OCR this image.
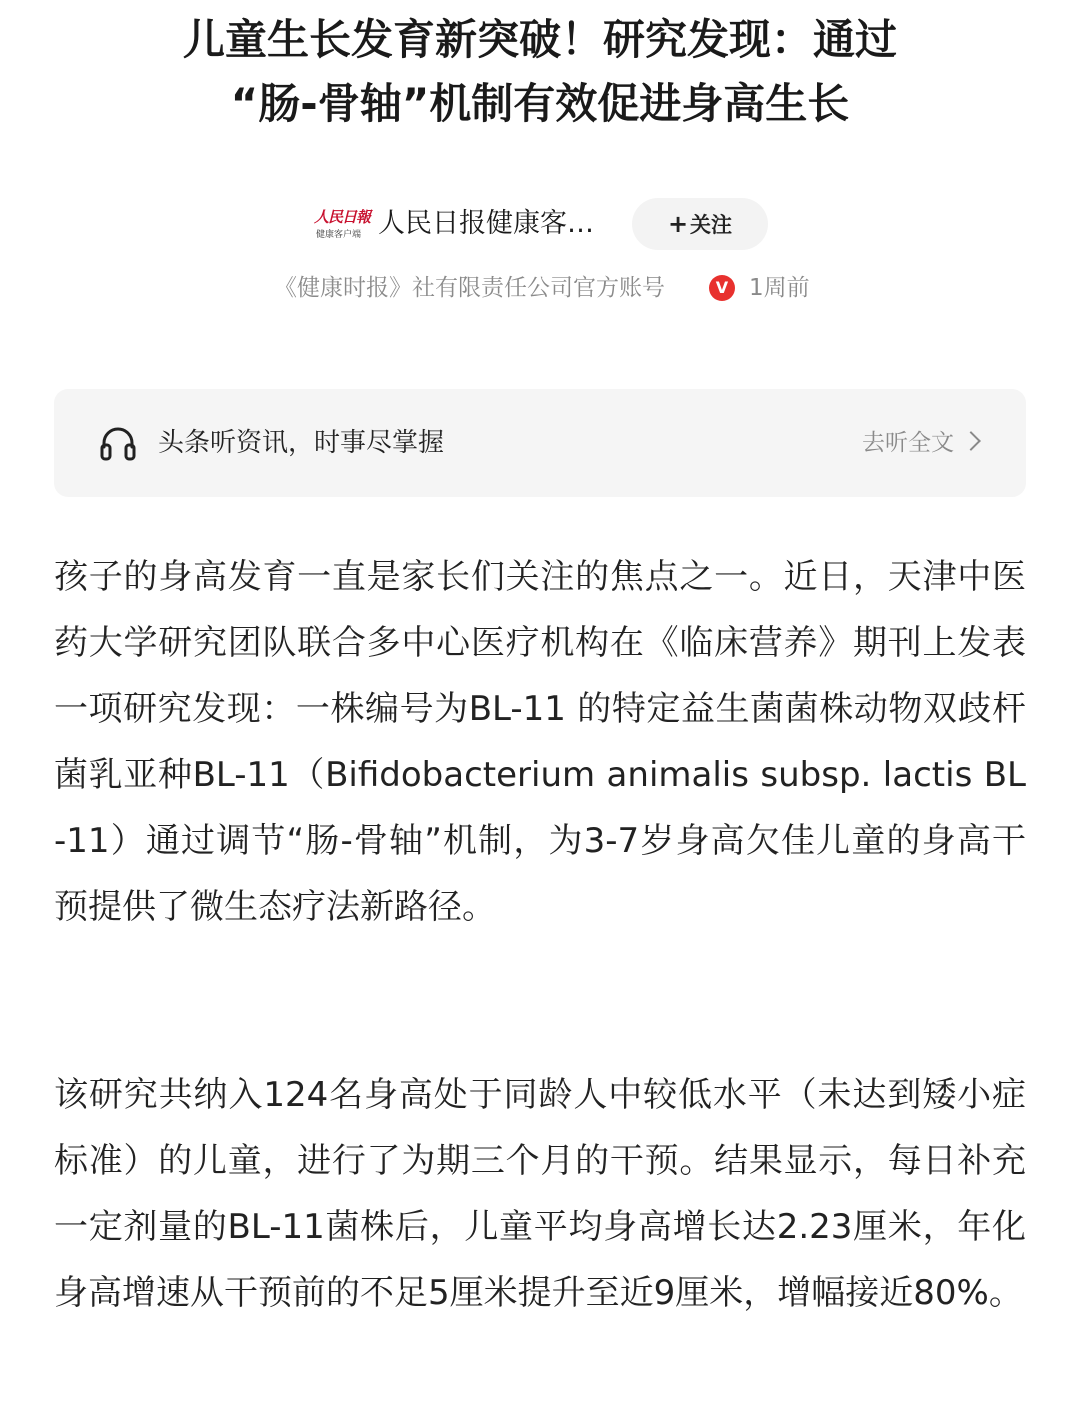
儿童生长发育新突破！研究发现：通过
“肠-骨轴”机制有效促进身高生长
人民日報
健康客户端 人民日报健康客…	+关注
《健康时报》社有限责任公司官方账号	V 1周前
头条听资讯，时事尽掌握	去听全文

孩子的身高发育一直是家长们关注的焦点之一。近日，天津中医药大学研究团队联合多中心医疗机构在《临床营养》期刊上发表一项研究发现：一株编号为BL-11 的特定益生菌菌株动物双歧杆菌乳亚种BL-11（Bifidobacterium animalis subsp. lactis BL-11）通过调节“肠-骨轴”机制，为3-7岁身高欠佳儿童的身高干预提供了微生态疗法新路径。

该研究共纳入124名身高处于同龄人中较低水平（未达到矮小症标准）的儿童，进行了为期三个月的干预。结果显示，每日补充一定剂量的BL-11菌株后，儿童平均身高增长达2.23厘米，年化身高增速从干预前的不足5厘米提升至近9厘米，增幅接近80%。
